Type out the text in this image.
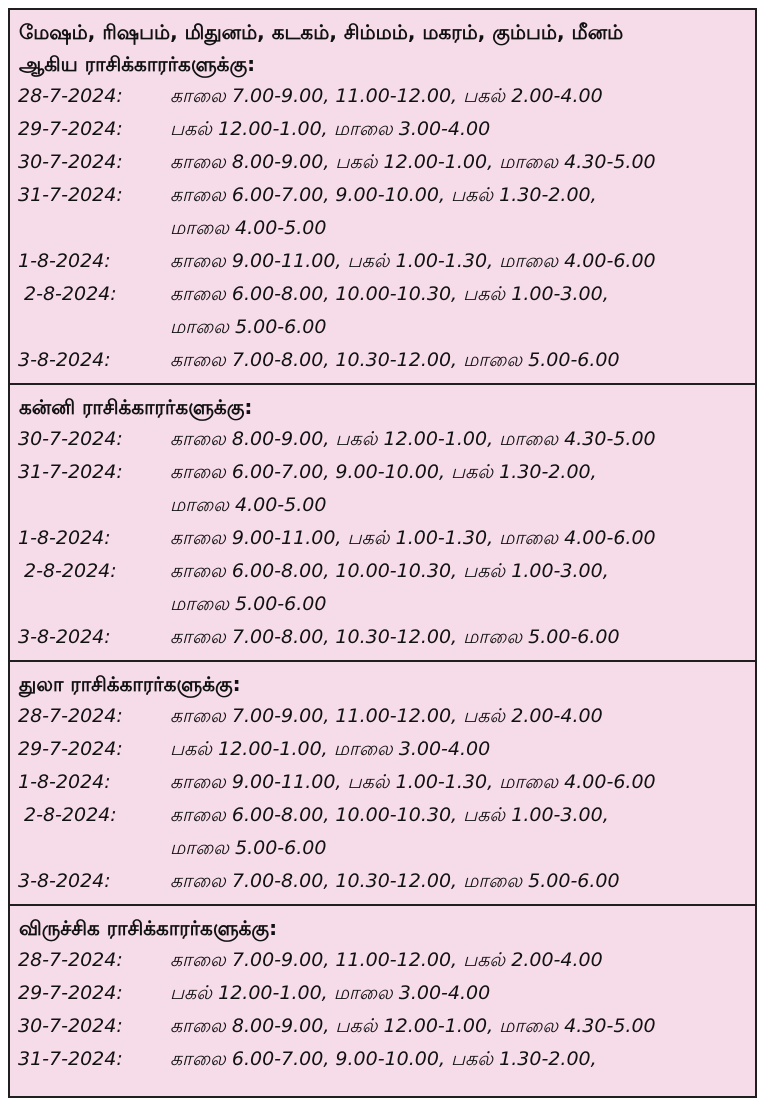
மேஷம், ரிஷபம், மிதுனம், கடகம், சிம்மம், மகரம், கும்பம், மீனம்
ஆகிய ராசிக்காரர்களுக்கு:
28-7-2024:	காலை 7.00-9.00, 11.00-12.00, பகல் 2.00-4.00
29-7-2024:	பகல் 12.00-1.00, மாலை 3.00-4.00
30-7-2024:	காலை 8.00-9.00, பகல் 12.00-1.00, மாலை 4.30-5.00
31-7-2024:	காலை 6.00-7.00, 9.00-10.00, பகல் 1.30-2.00,
மாலை 4.00-5.00
1-8-2024:	காலை 9.00-11.00, பகல் 1.00-1.30, மாலை 4.00-6.00
2-8-2024:	காலை 6.00-8.00, 10.00-10.30, பகல் 1.00-3.00,
மாலை 5.00-6.00
3-8-2024:	காலை 7.00-8.00, 10.30-12.00, மாலை 5.00-6.00
கன்னி ராசிக்காரர்களுக்கு:
30-7-2024:	காலை 8.00-9.00, பகல் 12.00-1.00, மாலை 4.30-5.00
31-7-2024:	காலை 6.00-7.00, 9.00-10.00, பகல் 1.30-2.00,
மாலை 4.00-5.00
1-8-2024:	காலை 9.00-11.00, பகல் 1.00-1.30, மாலை 4.00-6.00
2-8-2024:	காலை 6.00-8.00, 10.00-10.30, பகல் 1.00-3.00,
மாலை 5.00-6.00
3-8-2024:	காலை 7.00-8.00, 10.30-12.00, மாலை 5.00-6.00
துலா ராசிக்காரர்களுக்கு:
28-7-2024:	காலை 7.00-9.00, 11.00-12.00, பகல் 2.00-4.00
29-7-2024:	பகல் 12.00-1.00, மாலை 3.00-4.00
1-8-2024:	காலை 9.00-11.00, பகல் 1.00-1.30, மாலை 4.00-6.00
2-8-2024:	காலை 6.00-8.00, 10.00-10.30, பகல் 1.00-3.00,
மாலை 5.00-6.00
3-8-2024:	காலை 7.00-8.00, 10.30-12.00, மாலை 5.00-6.00
விருச்சிக ராசிக்காரர்களுக்கு:
28-7-2024:	காலை 7.00-9.00, 11.00-12.00, பகல் 2.00-4.00
29-7-2024:	பகல் 12.00-1.00, மாலை 3.00-4.00
30-7-2024:	காலை 8.00-9.00, பகல் 12.00-1.00, மாலை 4.30-5.00
31-7-2024:	காலை 6.00-7.00, 9.00-10.00, பகல் 1.30-2.00,
